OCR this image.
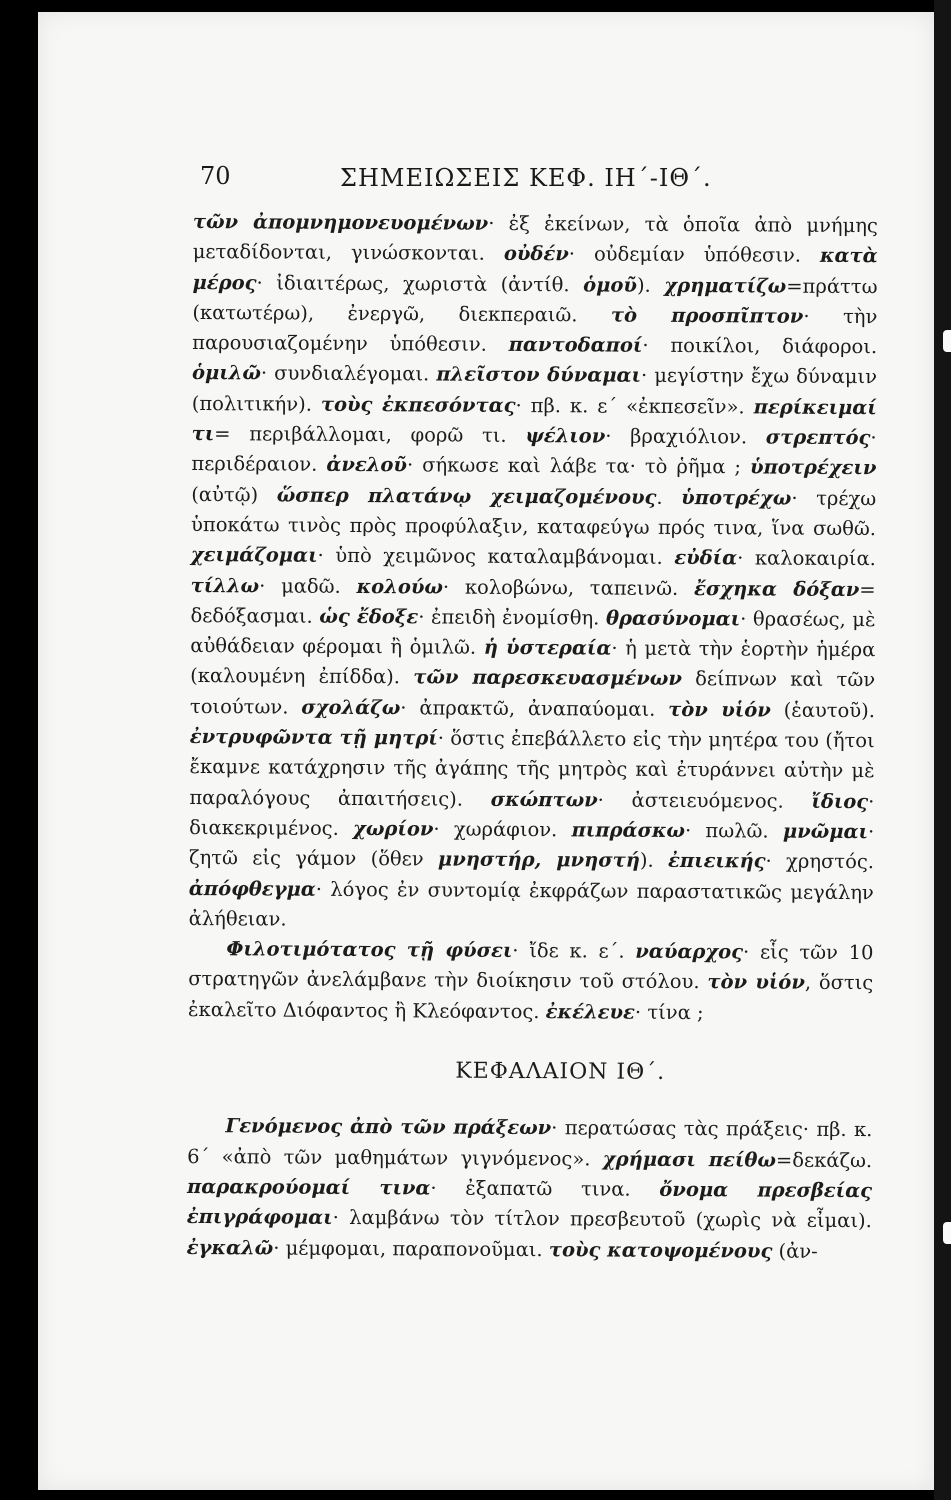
70	ΣΗΜΕΙΩΣΕΙΣ ΚΕΦ. ΙΗ΄-ΙΘ΄.

τῶν ἀπομνημονευομένων· ἐξ ἐκείνων, τὰ ὁποῖα ἀπὸ μνήμης μεταδίδονται, γινώσκονται. οὐδέν· οὐδεμίαν ὑπόθεσιν. κατὰ μέρος· ἰδιαιτέρως, χωριστὰ (ἀντίθ. ὁμοῦ). χρηματίζω=πράττω (κατωτέρω), ἐνεργῶ, διεκπεραιῶ. τὸ προσπῖπτον· τὴν παρουσιαζομένην ὑπόθεσιν. παντοδαποί· ποικίλοι, διάφοροι. ὁμιλῶ· συνδιαλέγομαι. πλεῖστον δύναμαι· μεγίστην ἔχω δύναμιν (πολιτικήν). τοὺς ἐκπεσόντας· πβ. κ. ε΄ «ἐκπεσεῖν». περίκειμαί τι= περιβάλλομαι, φορῶ τι. ψέλιον· βραχιόλιον. στρεπτός· περιδέραιον. ἀνελοῦ· σήκωσε καὶ λάβε τα· τὸ ῥῆμα ; ὑποτρέχειν (αὐτῷ) ὥσπερ πλατάνῳ χειμαζομένους. ὑποτρέχω· τρέχω ὑποκάτω τινὸς πρὸς προφύλαξιν, καταφεύγω πρός τινα, ἵνα σωθῶ. χειμάζομαι· ὑπὸ χειμῶνος καταλαμβάνομαι. εὐδία· καλοκαιρία. τίλλω· μαδῶ. κολούω· κολοβώνω, ταπεινῶ. ἔσχηκα δόξαν= δεδόξασμαι. ὡς ἔδοξε· ἐπειδὴ ἐνομίσθη. θρασύνομαι· θρασέως, μὲ αὐθάδειαν φέρομαι ἢ ὁμιλῶ. ἡ ὑστεραία· ἡ μετὰ τὴν ἑορτὴν ἡμέρα (καλουμένη ἐπίδδα). τῶν παρεσκευασμένων δείπνων καὶ τῶν τοιούτων. σχολάζω· ἀπρακτῶ, ἀναπαύομαι. τὸν υἱόν (ἑαυτοῦ). ἐντρυφῶντα τῇ μητρί· ὅστις ἐπεβάλλετο εἰς τὴν μητέρα του (ἤτοι ἔκαμνε κατάχρησιν τῆς ἀγάπης τῆς μητρὸς καὶ ἐτυράννει αὐτὴν μὲ παραλόγους ἀπαιτήσεις). σκώπτων· ἀστειευόμενος. ἴδιος· διακεκριμένος. χωρίον· χωράφιον. πιπράσκω· πωλῶ. μνῶμαι· ζητῶ εἰς γάμον (ὅθεν μνηστήρ, μνηστή). ἐπιεικής· χρηστός. ἀπόφθεγμα· λόγος ἐν συντομίᾳ ἐκφράζων παραστατικῶς μεγάλην ἀλήθειαν.

Φιλοτιμότατος τῇ φύσει· ἴδε κ. ε΄. ναύαρχος· εἷς τῶν 10 στρατηγῶν ἀνελάμβανε τὴν διοίκησιν τοῦ στόλου. τὸν υἱόν, ὅστις ἐκαλεῖτο Διόφαντος ἢ Κλεόφαντος. ἐκέλευε· τίνα ;

ΚΕΦΑΛΑΙΟΝ ΙΘ΄.

Γενόμενος ἀπὸ τῶν πράξεων· περατώσας τὰς πράξεις· πβ. κ. 6΄ «ἀπὸ τῶν μαθημάτων γιγνόμενος». χρήμασι πείθω=δεκάζω. παρακρούομαί τινα· ἐξαπατῶ τινα. ὄνομα πρεσβείας ἐπιγράφομαι· λαμβάνω τὸν τίτλον πρεσβευτοῦ (χωρὶς νὰ εἶμαι). ἐγκαλῶ· μέμφομαι, παραπονοῦμαι. τοὺς κατοψομένους (ἀν-
